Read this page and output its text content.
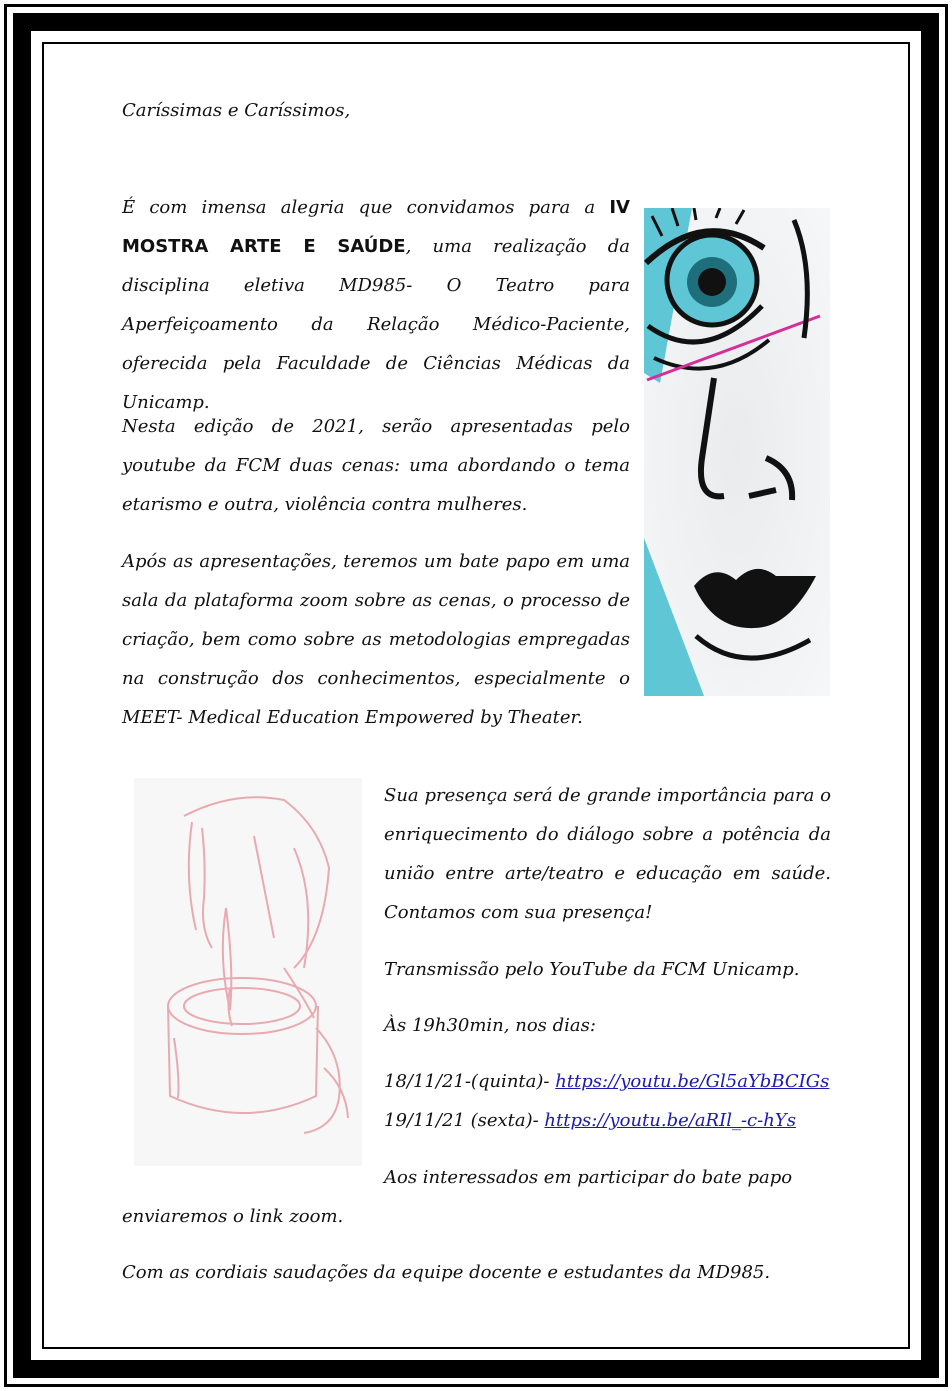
Caríssimas e Caríssimos,

É com imensa alegria que convidamos para a IV MOSTRA ARTE E SAÚDE, uma realização da disciplina eletiva MD985- O Teatro para Aperfeiçoamento da Relação Médico-Paciente, oferecida pela Faculdade de Ciências Médicas da Unicamp.

Nesta edição de 2021, serão apresentadas pelo youtube da FCM duas cenas: uma abordando o tema etarismo e outra, violência contra mulheres.

Após as apresentações, teremos um bate papo em uma sala da plataforma zoom sobre as cenas, o processo de criação, bem como sobre as metodologias empregadas na construção dos conhecimentos, especialmente o MEET- Medical Education Empowered by Theater.

Sua presença será de grande importância para o enriquecimento do diálogo sobre a potência da união entre arte/teatro e educação em saúde. Contamos com sua presença!

Transmissão pelo YouTube da FCM Unicamp.

Às 19h30min, nos dias:

18/11/21-(quinta)- https://youtu.be/Gl5aYbBCIGs

19/11/21 (sexta)- https://youtu.be/aRIl_-c-hYs

Aos interessados em participar do bate papo

enviaremos o link zoom.

Com as cordiais saudações da equipe docente e estudantes da MD985.
